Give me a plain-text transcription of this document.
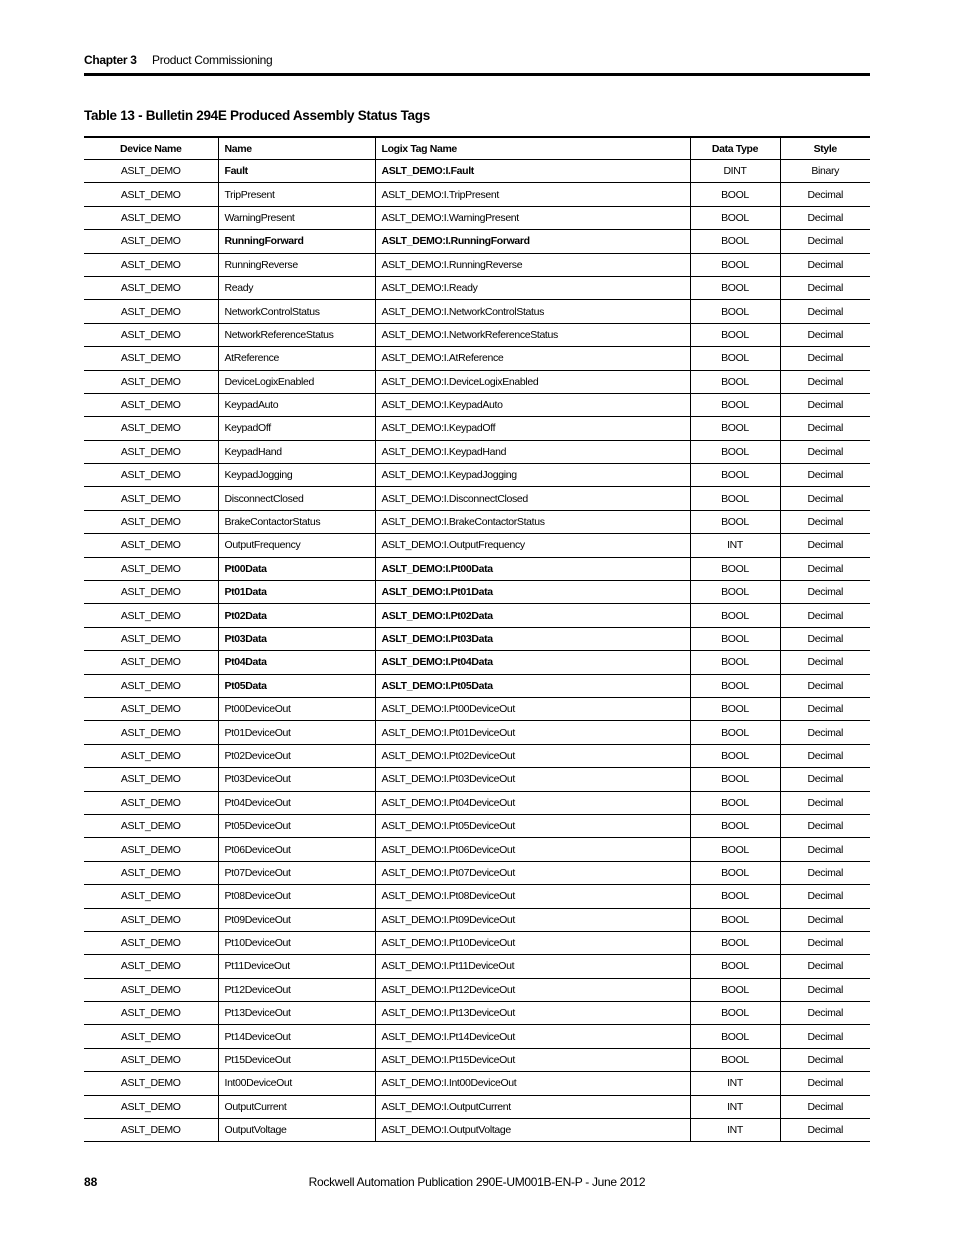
Chapter 3 Product Commissioning
Table 13 - Bulletin 294E Produced Assembly Status Tags
Device Name	Name	Logix Tag Name	Data Type	Style
ASLT_DEMO	Fault	ASLT_DEMO:I.Fault	DINT	Binary
ASLT_DEMO	TripPresent	ASLT_DEMO:I.TripPresent	BOOL	Decimal
ASLT_DEMO	WarningPresent	ASLT_DEMO:I.WarningPresent	BOOL	Decimal
ASLT_DEMO	RunningForward	ASLT_DEMO:I.RunningForward	BOOL	Decimal
ASLT_DEMO	RunningReverse	ASLT_DEMO:I.RunningReverse	BOOL	Decimal
ASLT_DEMO	Ready	ASLT_DEMO:I.Ready	BOOL	Decimal
ASLT_DEMO	NetworkControlStatus	ASLT_DEMO:I.NetworkControlStatus	BOOL	Decimal
ASLT_DEMO	NetworkReferenceStatus	ASLT_DEMO:I.NetworkReferenceStatus	BOOL	Decimal
ASLT_DEMO	AtReference	ASLT_DEMO:I.AtReference	BOOL	Decimal
ASLT_DEMO	DeviceLogixEnabled	ASLT_DEMO:I.DeviceLogixEnabled	BOOL	Decimal
ASLT_DEMO	KeypadAuto	ASLT_DEMO:I.KeypadAuto	BOOL	Decimal
ASLT_DEMO	KeypadOff	ASLT_DEMO:I.KeypadOff	BOOL	Decimal
ASLT_DEMO	KeypadHand	ASLT_DEMO:I.KeypadHand	BOOL	Decimal
ASLT_DEMO	KeypadJogging	ASLT_DEMO:I.KeypadJogging	BOOL	Decimal
ASLT_DEMO	DisconnectClosed	ASLT_DEMO:I.DisconnectClosed	BOOL	Decimal
ASLT_DEMO	BrakeContactorStatus	ASLT_DEMO:I.BrakeContactorStatus	BOOL	Decimal
ASLT_DEMO	OutputFrequency	ASLT_DEMO:I.OutputFrequency	INT	Decimal
ASLT_DEMO	Pt00Data	ASLT_DEMO:I.Pt00Data	BOOL	Decimal
ASLT_DEMO	Pt01Data	ASLT_DEMO:I.Pt01Data	BOOL	Decimal
ASLT_DEMO	Pt02Data	ASLT_DEMO:I.Pt02Data	BOOL	Decimal
ASLT_DEMO	Pt03Data	ASLT_DEMO:I.Pt03Data	BOOL	Decimal
ASLT_DEMO	Pt04Data	ASLT_DEMO:I.Pt04Data	BOOL	Decimal
ASLT_DEMO	Pt05Data	ASLT_DEMO:I.Pt05Data	BOOL	Decimal
ASLT_DEMO	Pt00DeviceOut	ASLT_DEMO:I.Pt00DeviceOut	BOOL	Decimal
ASLT_DEMO	Pt01DeviceOut	ASLT_DEMO:I.Pt01DeviceOut	BOOL	Decimal
ASLT_DEMO	Pt02DeviceOut	ASLT_DEMO:I.Pt02DeviceOut	BOOL	Decimal
ASLT_DEMO	Pt03DeviceOut	ASLT_DEMO:I.Pt03DeviceOut	BOOL	Decimal
ASLT_DEMO	Pt04DeviceOut	ASLT_DEMO:I.Pt04DeviceOut	BOOL	Decimal
ASLT_DEMO	Pt05DeviceOut	ASLT_DEMO:I.Pt05DeviceOut	BOOL	Decimal
ASLT_DEMO	Pt06DeviceOut	ASLT_DEMO:I.Pt06DeviceOut	BOOL	Decimal
ASLT_DEMO	Pt07DeviceOut	ASLT_DEMO:I.Pt07DeviceOut	BOOL	Decimal
ASLT_DEMO	Pt08DeviceOut	ASLT_DEMO:I.Pt08DeviceOut	BOOL	Decimal
ASLT_DEMO	Pt09DeviceOut	ASLT_DEMO:I.Pt09DeviceOut	BOOL	Decimal
ASLT_DEMO	Pt10DeviceOut	ASLT_DEMO:I.Pt10DeviceOut	BOOL	Decimal
ASLT_DEMO	Pt11DeviceOut	ASLT_DEMO:I.Pt11DeviceOut	BOOL	Decimal
ASLT_DEMO	Pt12DeviceOut	ASLT_DEMO:I.Pt12DeviceOut	BOOL	Decimal
ASLT_DEMO	Pt13DeviceOut	ASLT_DEMO:I.Pt13DeviceOut	BOOL	Decimal
ASLT_DEMO	Pt14DeviceOut	ASLT_DEMO:I.Pt14DeviceOut	BOOL	Decimal
ASLT_DEMO	Pt15DeviceOut	ASLT_DEMO:I.Pt15DeviceOut	BOOL	Decimal
ASLT_DEMO	Int00DeviceOut	ASLT_DEMO:I.Int00DeviceOut	INT	Decimal
ASLT_DEMO	OutputCurrent	ASLT_DEMO:I.OutputCurrent	INT	Decimal
ASLT_DEMO	OutputVoltage	ASLT_DEMO:I.OutputVoltage	INT	Decimal
88	Rockwell Automation Publication 290E-UM001B-EN-P - June 2012
